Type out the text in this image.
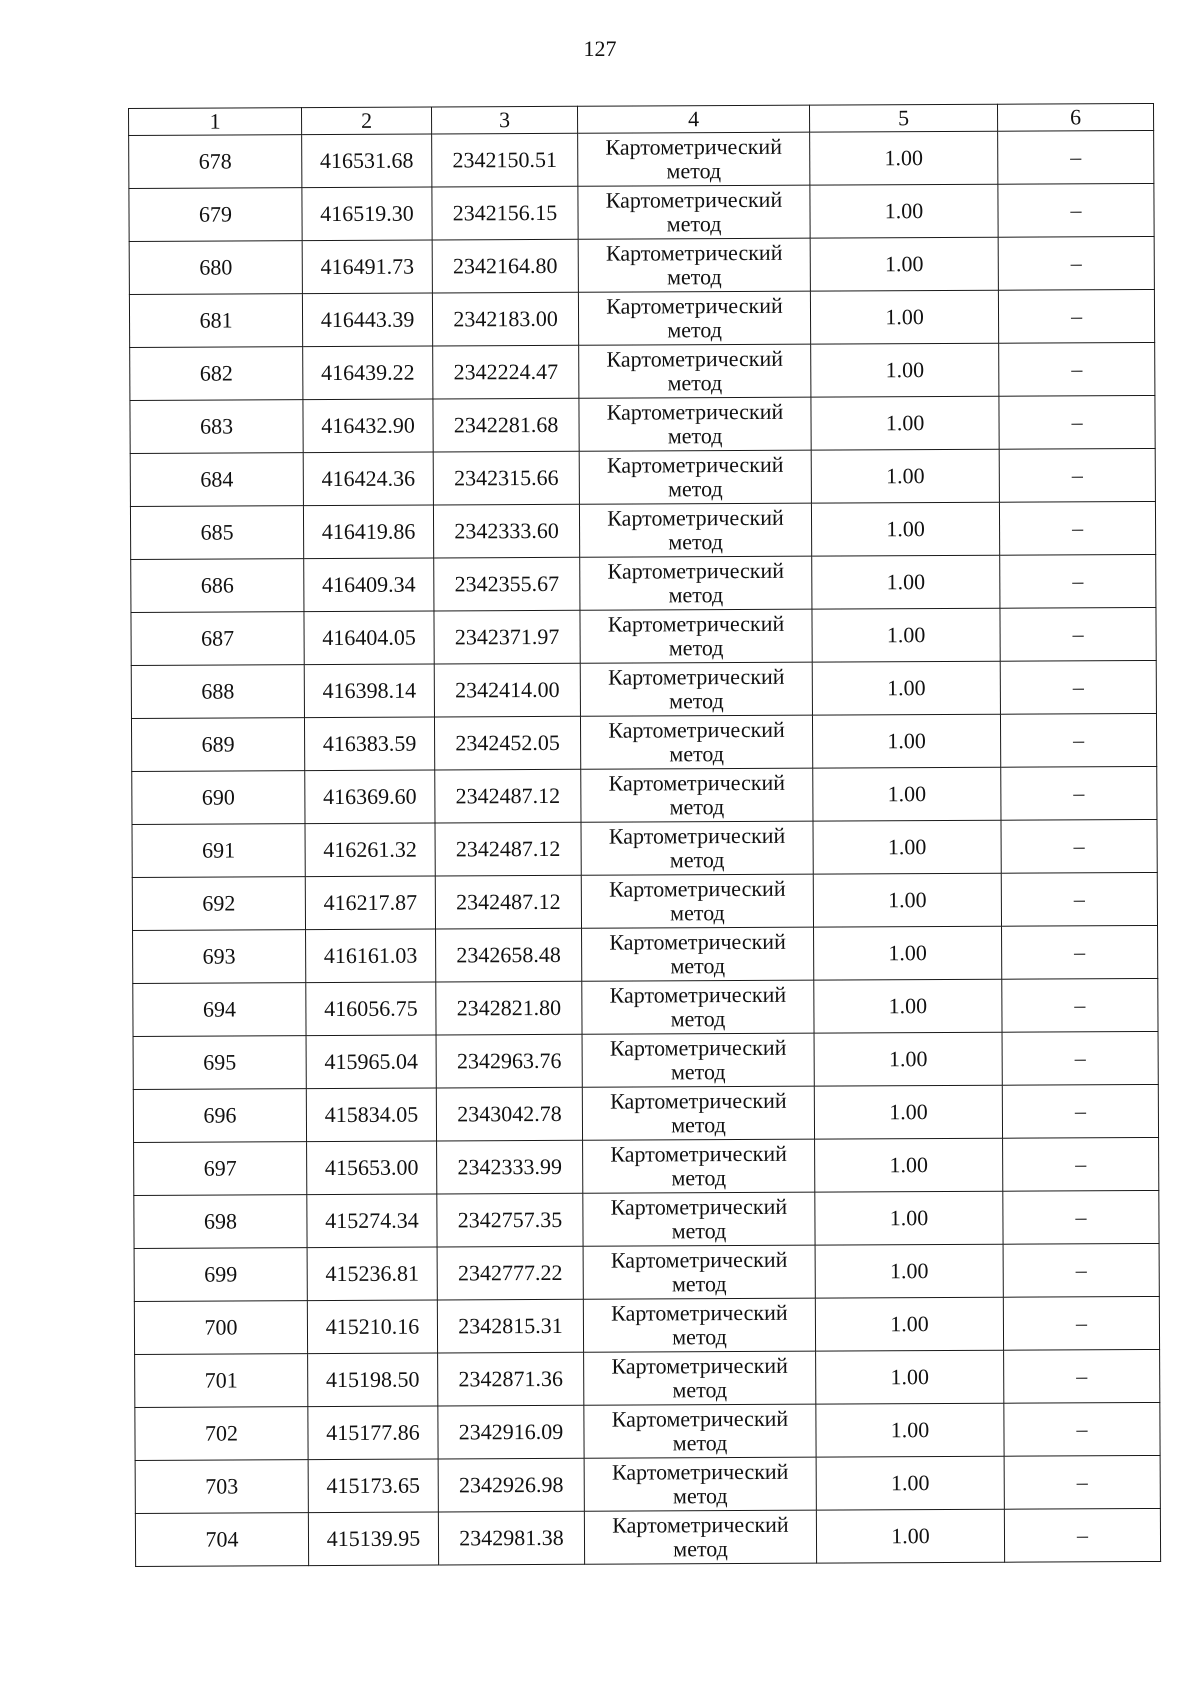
127
1	2	3	4	5	6
678	416531.68	2342150.51	Картометрический метод	1.00	–
679	416519.30	2342156.15	Картометрический метод	1.00	–
680	416491.73	2342164.80	Картометрический метод	1.00	–
681	416443.39	2342183.00	Картометрический метод	1.00	–
682	416439.22	2342224.47	Картометрический метод	1.00	–
683	416432.90	2342281.68	Картометрический метод	1.00	–
684	416424.36	2342315.66	Картометрический метод	1.00	–
685	416419.86	2342333.60	Картометрический метод	1.00	–
686	416409.34	2342355.67	Картометрический метод	1.00	–
687	416404.05	2342371.97	Картометрический метод	1.00	–
688	416398.14	2342414.00	Картометрический метод	1.00	–
689	416383.59	2342452.05	Картометрический метод	1.00	–
690	416369.60	2342487.12	Картометрический метод	1.00	–
691	416261.32	2342487.12	Картометрический метод	1.00	–
692	416217.87	2342487.12	Картометрический метод	1.00	–
693	416161.03	2342658.48	Картометрический метод	1.00	–
694	416056.75	2342821.80	Картометрический метод	1.00	–
695	415965.04	2342963.76	Картометрический метод	1.00	–
696	415834.05	2343042.78	Картометрический метод	1.00	–
697	415653.00	2342333.99	Картометрический метод	1.00	–
698	415274.34	2342757.35	Картометрический метод	1.00	–
699	415236.81	2342777.22	Картометрический метод	1.00	–
700	415210.16	2342815.31	Картометрический метод	1.00	–
701	415198.50	2342871.36	Картометрический метод	1.00	–
702	415177.86	2342916.09	Картометрический метод	1.00	–
703	415173.65	2342926.98	Картометрический метод	1.00	–
704	415139.95	2342981.38	Картометрический метод	1.00	–
